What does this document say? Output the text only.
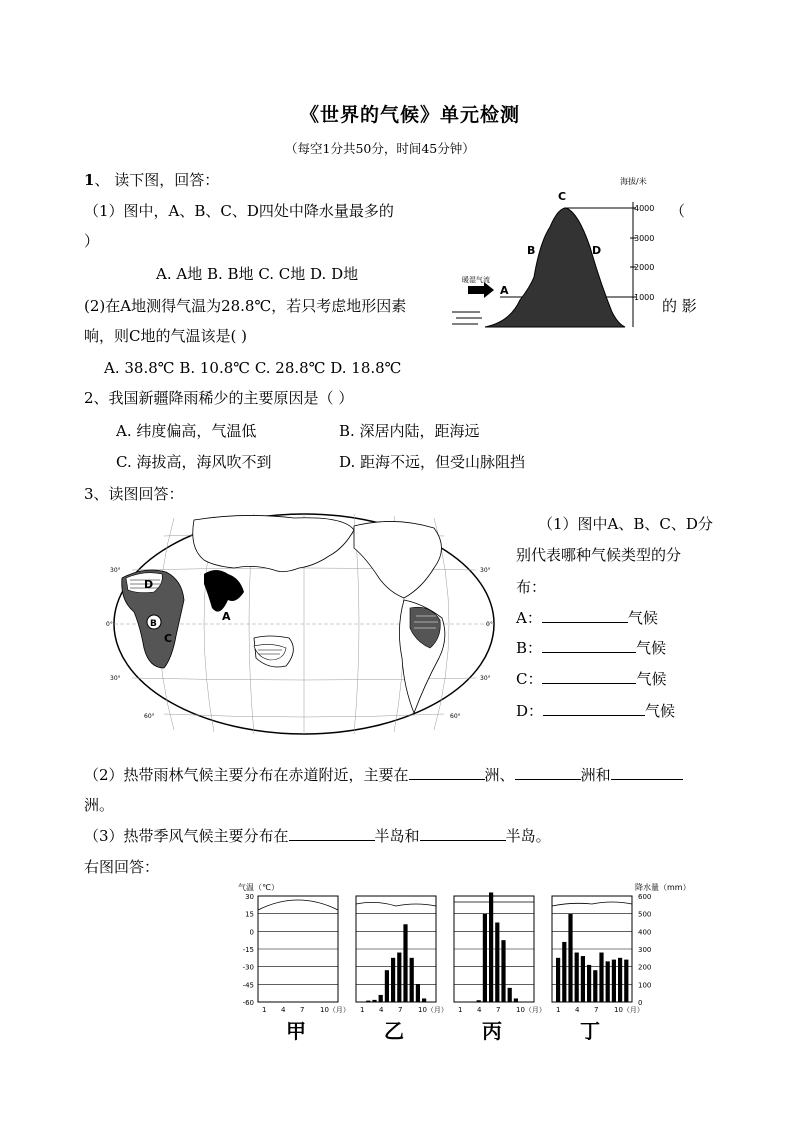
《世界的气候》单元检测
（每空1分共50分，时间45分钟）
1、 读下图，回答：
（1）图中，A、B、C、D四处中降水量最多的	（
）
A. A地 B. B地 C. C地 D. D地
(2)在A地测得气温为28.8℃，若只考虑地形因素	的 影
响，则C地的气温该是( )
A. 38.8℃ B. 10.8℃ C. 28.8℃ D. 18.8℃
海拔/米
4000
3000
2000
1000
C
B	D
A
暖湿气流
2、我国新疆降雨稀少的主要原因是（ ）
A. 纬度偏高，气温低	B. 深居内陆，距海远
C. 海拔高，海风吹不到	D. 距海不远，但受山脉阻挡
3、读图回答：
D
B
C
A
30°
0°
30°
60°
30°
0°
30°
60°
（1）图中A、B、C、D分
别代表哪种气候类型的分
布：
A：	气候
B：	气候
C：	气候
D：	气候
（2）热带雨林气候主要分布在赤道附近，主要在	洲、	洲和
洲。
（3）热带季风气候主要分布在	半岛和	半岛。
右图回答：
气温（℃）	降水量（mm）
30
15
0
-15
-30
-45
-60
600
500
400
300
200
100
0
1 4 7 10（月）
甲
1 4 7 10（月）
乙
1 4 7 10（月）
丙
1 4 7 10（月）
丁
